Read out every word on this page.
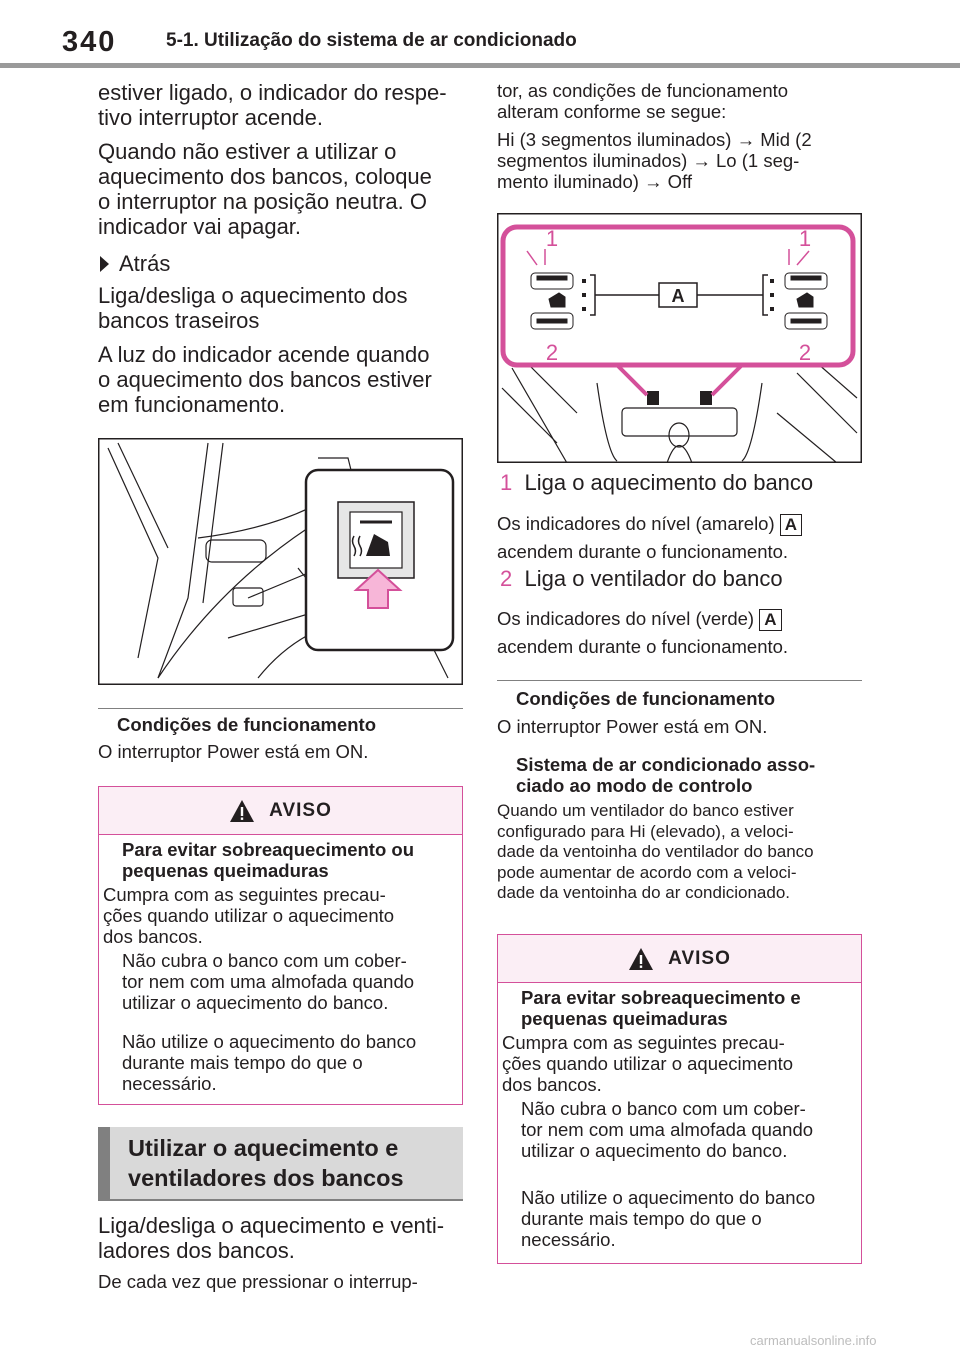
340	5-1. Utilização do sistema de ar condicionado
estiver ligado, o indicador do respe-
tivo interruptor acende.
Quando não estiver a utilizar o
aquecimento dos bancos, coloque
o interruptor na posição neutra. O
indicador vai apagar.
Atrás
Liga/desliga o aquecimento dos
bancos traseiros
A luz do indicador acende quando
o aquecimento dos bancos estiver
em funcionamento.
Condições de funcionamento
O interruptor Power está em ON.
AVISO
Para evitar sobreaquecimento ou
pequenas queimaduras
Cumpra com as seguintes precau-
ções quando utilizar o aquecimento
dos bancos.
Não cubra o banco com um cober-
tor nem com uma almofada quando
utilizar o aquecimento do banco.
Não utilize o aquecimento do banco
durante mais tempo do que o
necessário.
Utilizar o aquecimento e
ventiladores dos bancos
Liga/desliga o aquecimento e venti-
ladores dos bancos.
De cada vez que pressionar o interrup-
tor, as condições de funcionamento
alteram conforme se segue:
Hi (3 segmentos iluminados) → Mid (2
segmentos iluminados) → Lo (1 seg-
mento iluminado) → Off
A
1	1
2	2
1 Liga o aquecimento do banco
Os indicadores do nível (amarelo) A
acendem durante o funcionamento.
2 Liga o ventilador do banco
Os indicadores do nível (verde) A
acendem durante o funcionamento.
Condições de funcionamento
O interruptor Power está em ON.
Sistema de ar condicionado asso-
ciado ao modo de controlo
Quando um ventilador do banco estiver
configurado para Hi (elevado), a veloci-
dade da ventoinha do ventilador do banco
pode aumentar de acordo com a veloci-
dade da ventoinha do ar condicionado.
AVISO
Para evitar sobreaquecimento e
pequenas queimaduras
Cumpra com as seguintes precau-
ções quando utilizar o aquecimento
dos bancos.
Não cubra o banco com um cober-
tor nem com uma almofada quando
utilizar o aquecimento do banco.
Não utilize o aquecimento do banco
durante mais tempo do que o
necessário.
carmanualsonline.info
